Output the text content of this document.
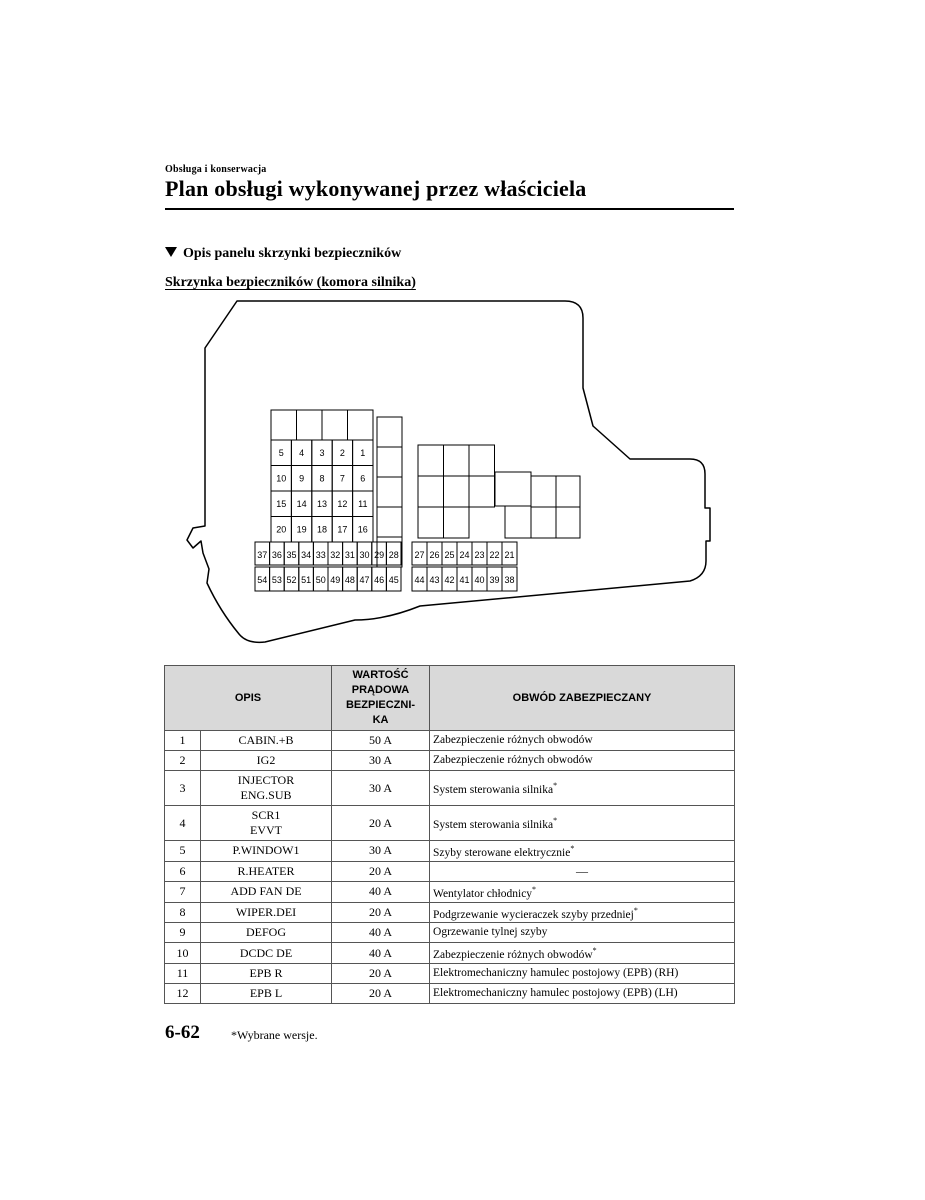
Obsługa i konserwacja
Plan obsługi wykonywanej przez właściciela
Opis panelu skrzynki bezpieczników
Skrzynka bezpieczników (komora silnika)
5 4 3 2 1
10 9 8 7 6
15 14 13 12 11
20 19 18 17 16
37 36 35 34 33 32 31 30 29 28
54 53 52 51 50 49 48 47 46 45
27 26 25 24 23 22 21
44 43 42 41 40 39 38
OPIS		WARTOŚĆ
PRĄDOWA
BEZPIECZNI-
KA	OBWÓD ZABEZPIECZANY
1	CABIN.+B	50 A	Zabezpieczenie różnych obwodów
2	IG2	30 A	Zabezpieczenie różnych obwodów
3	INJECTOR
ENG.SUB	30 A	System sterowania silnika*
4	SCR1
EVVT	20 A	System sterowania silnika*
5	P.WINDOW1	30 A	Szyby sterowane elektrycznie*
6	R.HEATER	20 A	—
7	ADD FAN DE	40 A	Wentylator chłodnicy*
8	WIPER.DEI	20 A	Podgrzewanie wycieraczek szyby przedniej*
9	DEFOG	40 A	Ogrzewanie tylnej szyby
10	DCDC DE	40 A	Zabezpieczenie różnych obwodów*
11	EPB R	20 A	Elektromechaniczny hamulec postojowy (EPB) (RH)
12	EPB L	20 A	Elektromechaniczny hamulec postojowy (EPB) (LH)
6-62	*Wybrane wersje.
